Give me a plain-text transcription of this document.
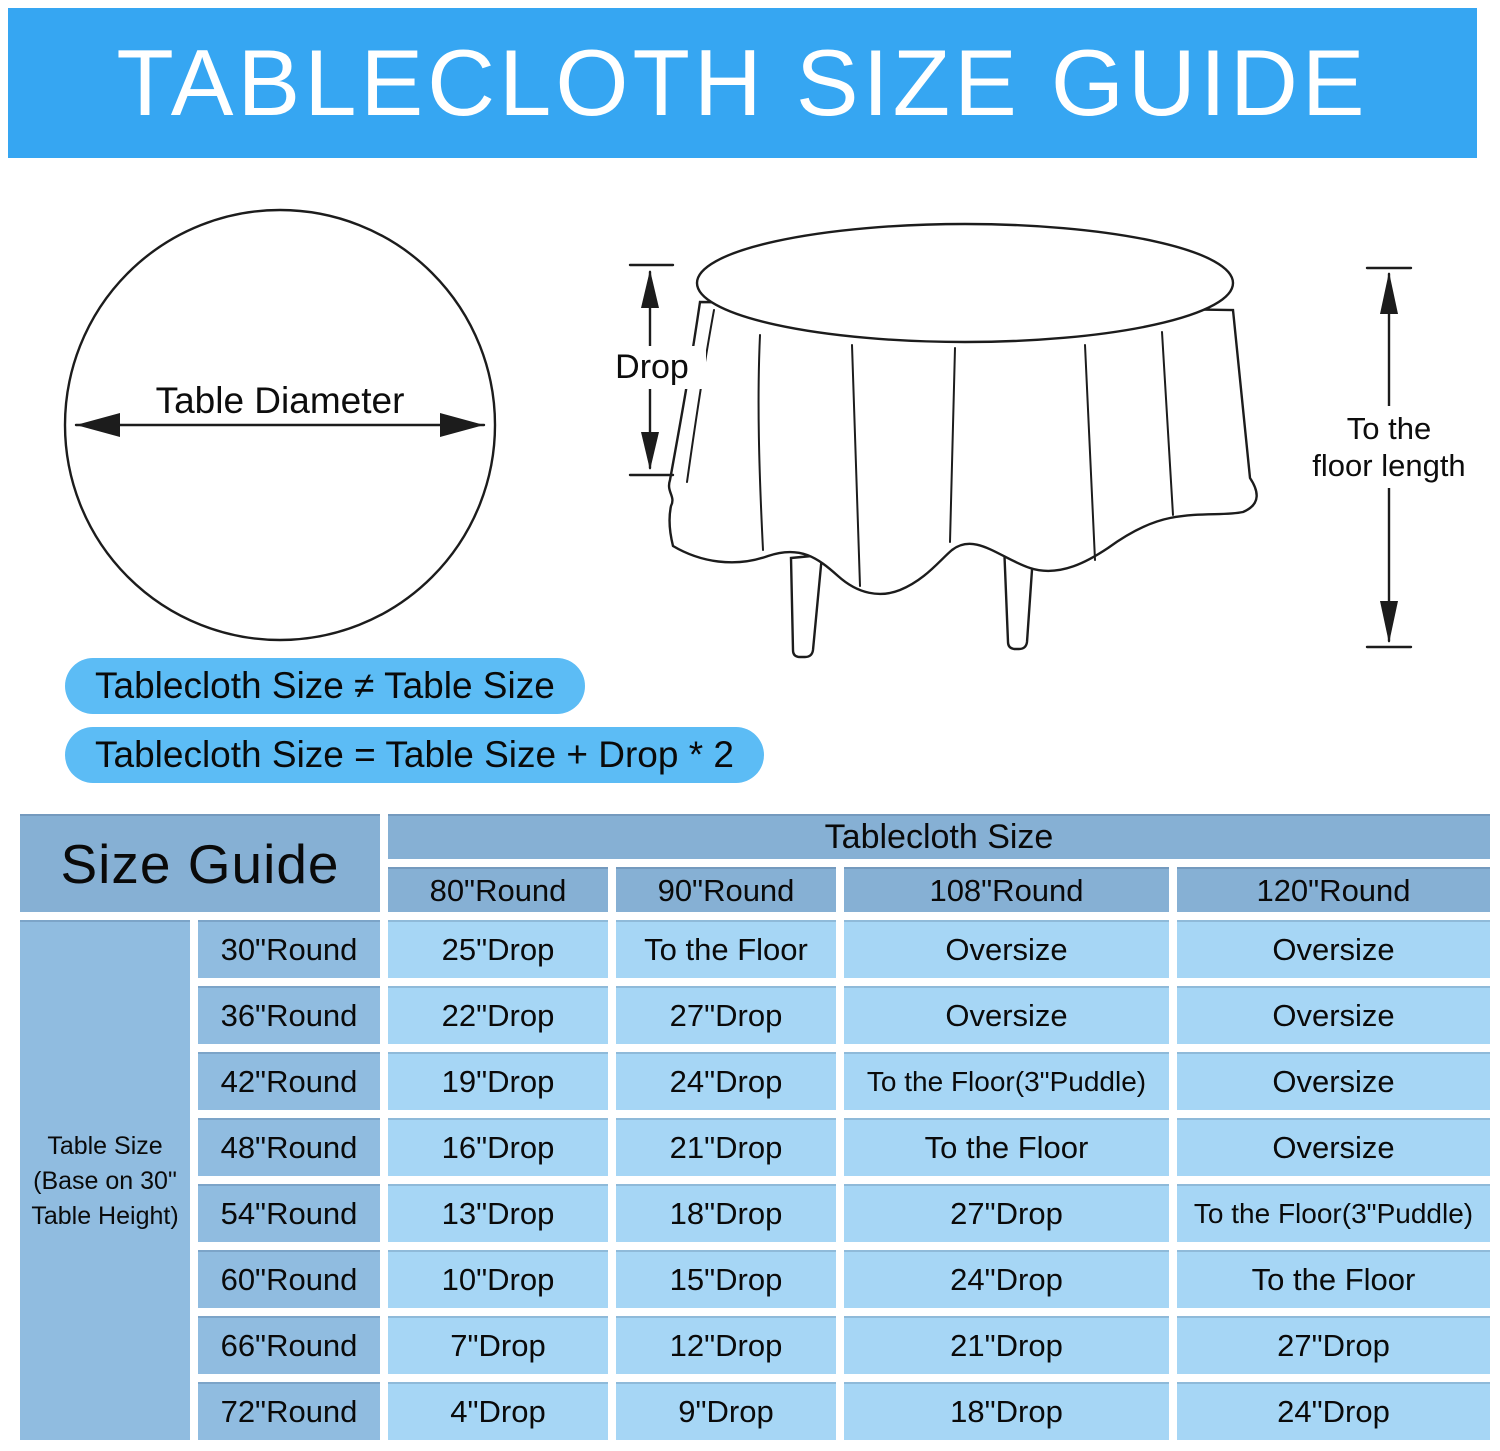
TABLECLOTH SIZE GUIDE
Table Diameter
Drop
To the
floor length
Tablecloth Size ≠ Table Size
Tablecloth Size = Table Size + Drop * 2
Size Guide	Tablecloth Size
80"Round	90"Round	108"Round	120"Round
Table Size
(Base on 30"
Table Height)
30"Round	25"Drop	To the Floor	Oversize	Oversize
36"Round	22"Drop	27"Drop	Oversize	Oversize
42"Round	19"Drop	24"Drop	To the Floor(3"Puddle)	Oversize
48"Round	16"Drop	21"Drop	To the Floor	Oversize
54"Round	13"Drop	18"Drop	27"Drop	To the Floor(3"Puddle)
60"Round	10"Drop	15"Drop	24"Drop	To the Floor
66"Round	7"Drop	12"Drop	21"Drop	27"Drop
72"Round	4"Drop	9"Drop	18"Drop	24"Drop
